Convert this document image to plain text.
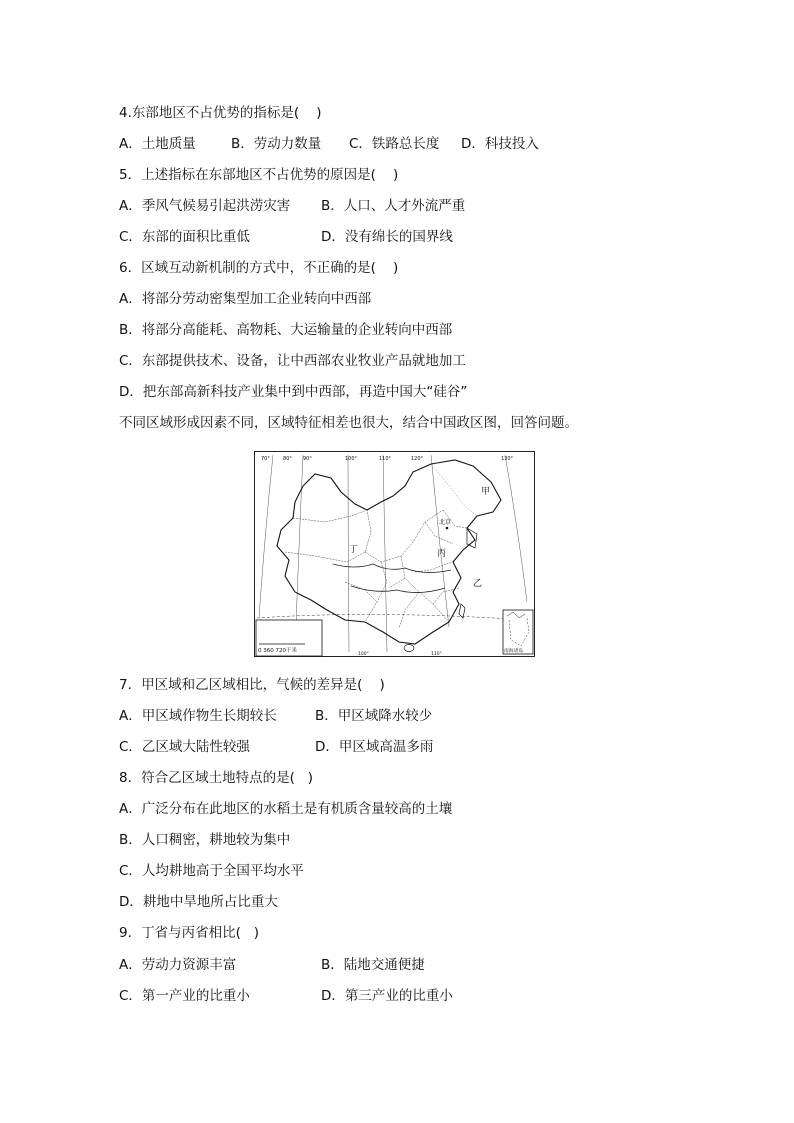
4.东部地区不占优势的指标是(    )

A．土地质量

	B．劳动力数量

C．铁路总长度

D．科技投入

5．上述指标在东部地区不占优势的原因是(    )

A．季风气候易引起洪涝灾害

B．人口、人才外流严重

C．东部的面积比重低

	D．没有绵长的国界线

6．区域互动新机制的方式中，不正确的是(    )
A．将部分劳动密集型加工企业转向中西部
B．将部分高能耗、高物耗、大运输量的企业转向中西部
C．东部提供技术、设备，让中西部农业牧业产品就地加工
D．把东部高新科技产业集中到中西部，再造中国大“硅谷”
不同区域形成因素不同，区域特征相差也很大，结合中国政区图，回答问题。
70°	80° 90°	100°	110°	120°	130°
甲
北京
丙
丁
乙
0 360 720千米	南海诸岛
110°
100°
7．甲区域和乙区域相比，气候的差异是(    )

A．甲区域作物生长期较长

	B．甲区域降水较少

C．乙区域大陆性较强

	D．甲区域高温多雨

8．符合乙区域土地特点的是(   )
A．广泛分布在此地区的水稻土是有机质含量较高的土壤
B．人口稠密，耕地较为集中
C．人均耕地高于全国平均水平
D．耕地中旱地所占比重大
9．丁省与丙省相比(   )

A．劳动力资源丰富

	B．陆地交通便捷

C．第一产业的比重小

	D．第三产业的比重小
